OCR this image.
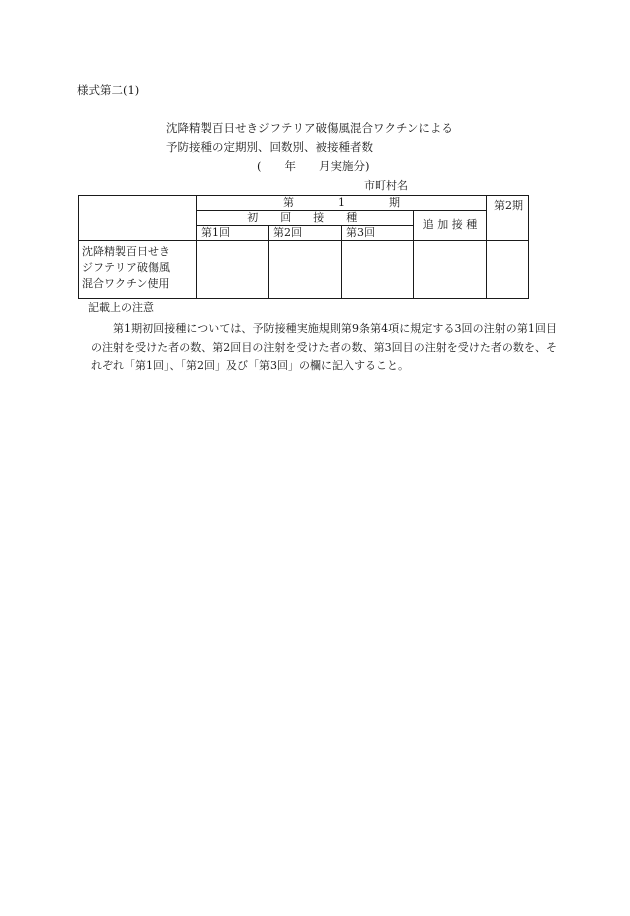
様式第二(1)
沈降精製百日せきジフテリア破傷風混合ワクチンによる
予防接種の定期別、回数別、被接種者数
(　　年　　月実施分)
市町村名
	第　　　　1　　　　期				第2期
	初　回　接　種			追 加 接 種	
	第1回	第2回	第3回		

沈降精製百日せき
ジフテリア破傷風
混合ワクチン使用					

記載上の注意
第1期初回接種については、予防接種実施規則第9条第4項に規定する3回の注射の第1回目の注射を受けた者の数、第2回目の注射を受けた者の数、第3回目の注射を受けた者の数を、それぞれ「第1回」、「第2回」及び「第3回」の欄に記入すること。
